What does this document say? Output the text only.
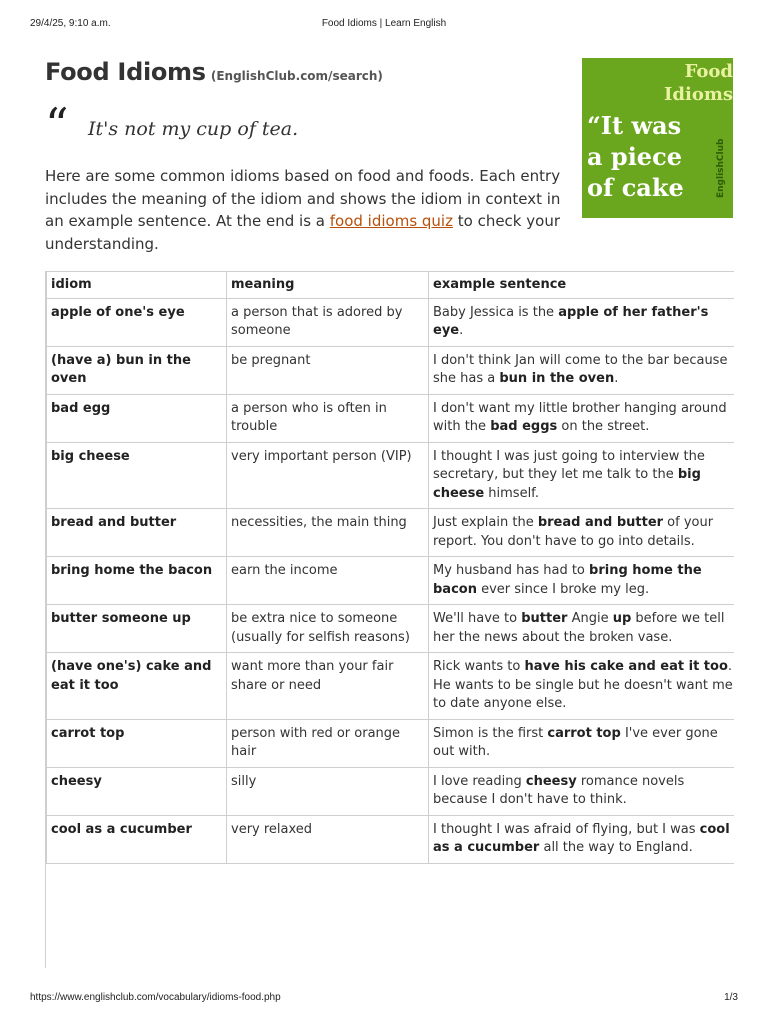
29/4/25, 9:10 a.m.	Food Idioms | Learn English
Food Idioms (EnglishClub.com/search)
“ It's not my cup of tea.
Here are some common idioms based on food and foods. Each entry includes the meaning of the idiom and shows the idiom in context in an example sentence. At the end is a food idioms quiz to check your understanding.
Food
Idioms
“It was
a piece
of cake	EnglishClub
idiom	meaning	example sentence
apple of one's eye	a person that is adored by someone	Baby Jessica is the apple of her father's eye.
(have a) bun in the oven	be pregnant	I don't think Jan will come to the bar because she has a bun in the oven.
bad egg	a person who is often in trouble	I don't want my little brother hanging around with the bad eggs on the street.
big cheese	very important person (VIP)	I thought I was just going to interview the secretary, but they let me talk to the big cheese himself.
bread and butter	necessities, the main thing	Just explain the bread and butter of your report. You don't have to go into details.
bring home the bacon	earn the income	My husband has had to bring home the bacon ever since I broke my leg.
butter someone up	be extra nice to someone (usually for selfish reasons)	We'll have to butter Angie up before we tell her the news about the broken vase.
(have one's) cake and eat it too	want more than your fair share or need	Rick wants to have his cake and eat it too. He wants to be single but he doesn't want me to date anyone else.
carrot top	person with red or orange hair	Simon is the first carrot top I've ever gone out with.
cheesy	silly	I love reading cheesy romance novels because I don't have to think.
cool as a cucumber	very relaxed	I thought I was afraid of flying, but I was cool as a cucumber all the way to England.
https://www.englishclub.com/vocabulary/idioms-food.php	1/3
